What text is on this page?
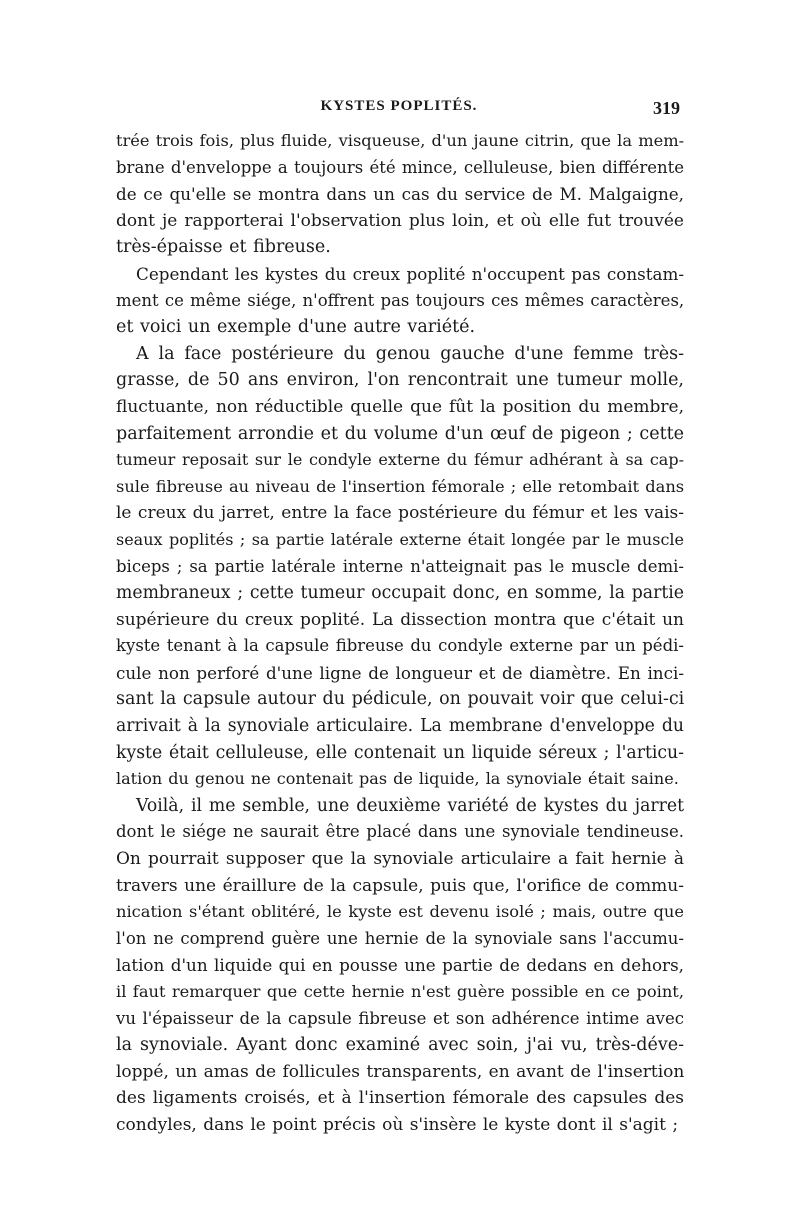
KYSTES POPLITÉS.	319

trée trois fois, plus fluide, visqueuse, d'un jaune citrin, que la mem-
brane d'enveloppe a toujours été mince, celluleuse, bien différente
de ce qu'elle se montra dans un cas du service de M. Malgaigne,
dont je rapporterai l'observation plus loin, et où elle fut trouvée
très-épaisse et fibreuse.

Cependant les kystes du creux poplité n'occupent pas constam-
ment ce même siége, n'offrent pas toujours ces mêmes caractères,
et voici un exemple d'une autre variété.

A la face postérieure du genou gauche d'une femme très-
grasse, de 50 ans environ, l'on rencontrait une tumeur molle,
fluctuante, non réductible quelle que fût la position du membre,
parfaitement arrondie et du volume d'un œuf de pigeon ; cette
tumeur reposait sur le condyle externe du fémur adhérant à sa cap-
sule fibreuse au niveau de l'insertion fémorale ; elle retombait dans
le creux du jarret, entre la face postérieure du fémur et les vais-
seaux poplités ; sa partie latérale externe était longée par le muscle
biceps ; sa partie latérale interne n'atteignait pas le muscle demi-
membraneux ; cette tumeur occupait donc, en somme, la partie
supérieure du creux poplité. La dissection montra que c'était un
kyste tenant à la capsule fibreuse du condyle externe par un pédi-
cule non perforé d'une ligne de longueur et de diamètre. En inci-
sant la capsule autour du pédicule, on pouvait voir que celui-ci
arrivait à la synoviale articulaire. La membrane d'enveloppe du
kyste était celluleuse, elle contenait un liquide séreux ; l'articu-
lation du genou ne contenait pas de liquide, la synoviale était saine.

Voilà, il me semble, une deuxième variété de kystes du jarret
dont le siége ne saurait être placé dans une synoviale tendineuse.
On pourrait supposer que la synoviale articulaire a fait hernie à
travers une éraillure de la capsule, puis que, l'orifice de commu-
nication s'étant oblitéré, le kyste est devenu isolé ; mais, outre que
l'on ne comprend guère une hernie de la synoviale sans l'accumu-
lation d'un liquide qui en pousse une partie de dedans en dehors,
il faut remarquer que cette hernie n'est guère possible en ce point,
vu l'épaisseur de la capsule fibreuse et son adhérence intime avec
la synoviale. Ayant donc examiné avec soin, j'ai vu, très-déve-
loppé, un amas de follicules transparents, en avant de l'insertion
des ligaments croisés, et à l'insertion fémorale des capsules des
condyles, dans le point précis où s'insère le kyste dont il s'agit ;
